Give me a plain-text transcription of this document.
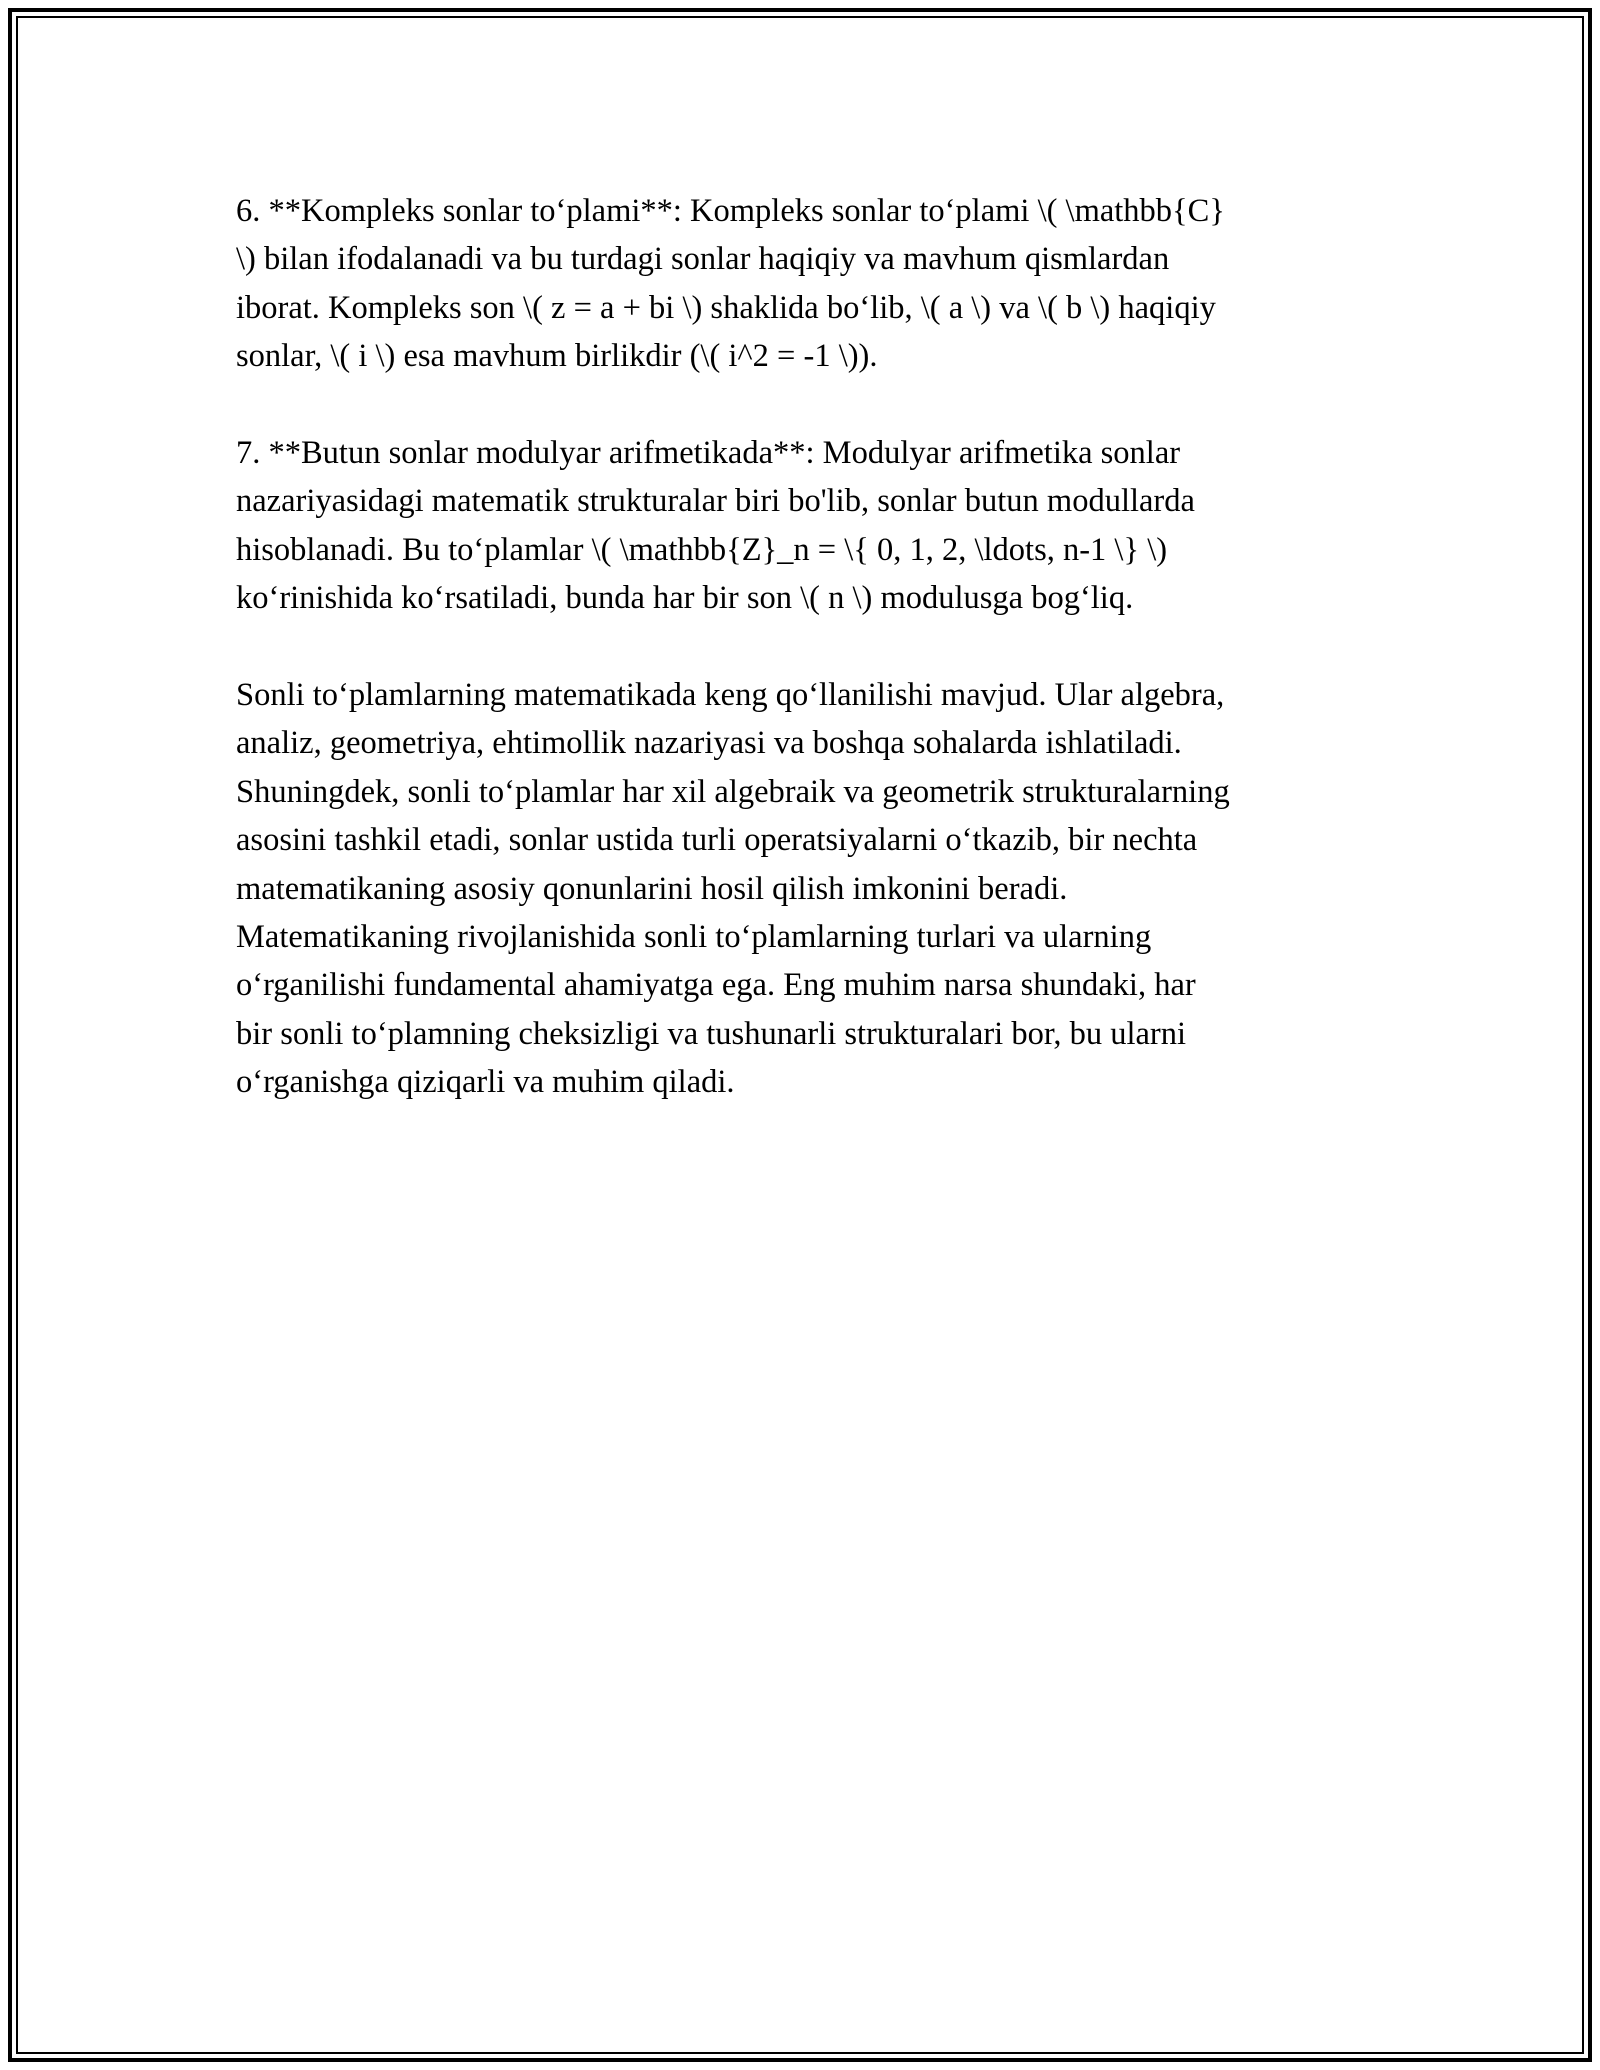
6. **Kompleks sonlar to‘plami**: Kompleks sonlar to‘plami \( \mathbb{C}
\) bilan ifodalanadi va bu turdagi sonlar haqiqiy va mavhum qismlardan
iborat. Kompleks son \( z = a + bi \) shaklida bo‘lib, \( a \) va \( b \) haqiqiy
sonlar, \( i \) esa mavhum birlikdir (\( i^2 = -1 \)).

7. **Butun sonlar modulyar arifmetikada**: Modulyar arifmetika sonlar
nazariyasidagi matematik strukturalar biri bo'lib, sonlar butun modullarda
hisoblanadi. Bu to‘plamlar \( \mathbb{Z}_n = \{ 0, 1, 2, \ldots, n-1 \} \)
ko‘rinishida ko‘rsatiladi, bunda har bir son \( n \) modulusga bog‘liq.

Sonli to‘plamlarning matematikada keng qo‘llanilishi mavjud. Ular algebra,
analiz, geometriya, ehtimollik nazariyasi va boshqa sohalarda ishlatiladi.
Shuningdek, sonli to‘plamlar har xil algebraik va geometrik strukturalarning
asosini tashkil etadi, sonlar ustida turli operatsiyalarni o‘tkazib, bir nechta
matematikaning asosiy qonunlarini hosil qilish imkonini beradi.
Matematikaning rivojlanishida sonli to‘plamlarning turlari va ularning
o‘rganilishi fundamental ahamiyatga ega. Eng muhim narsa shundaki, har
bir sonli to‘plamning cheksizligi va tushunarli strukturalari bor, bu ularni
o‘rganishga qiziqarli va muhim qiladi.
